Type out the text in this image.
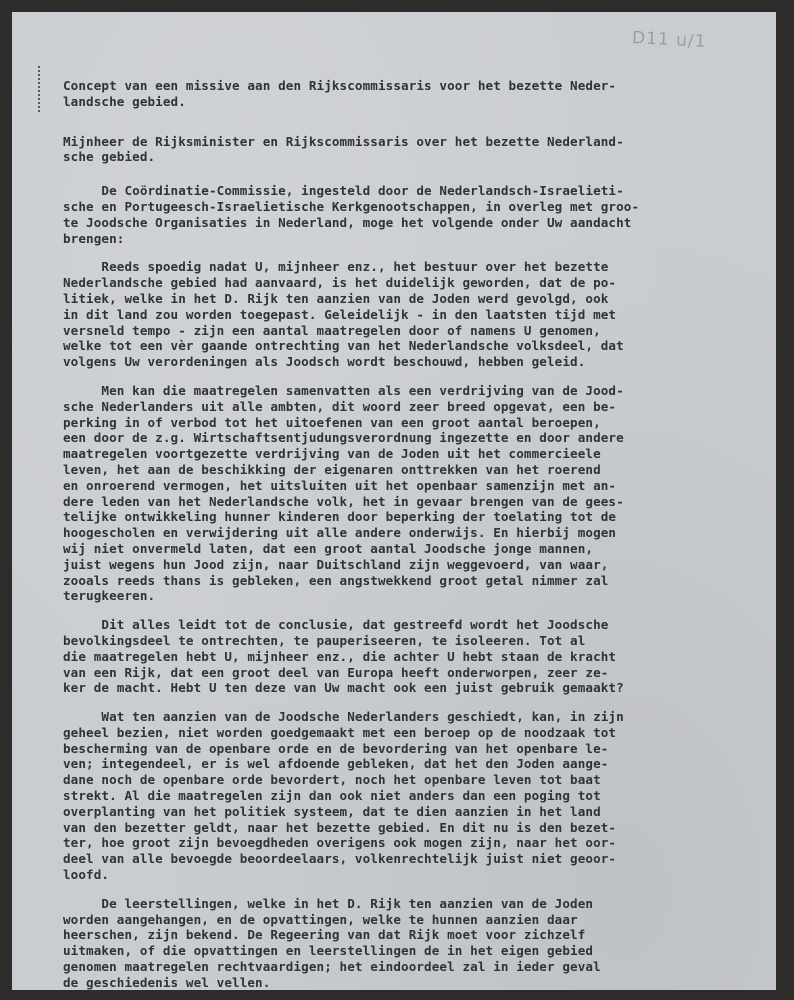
D11 u/1
Concept van een missive aan den Rijkscommissaris voor het bezette Neder-
landsche gebied.
Mijnheer de Rijksminister en Rijkscommissaris over het bezette Nederland-
sche gebied.
De Coördinatie-Commissie, ingesteld door de Nederlandsch-Israelieti-
sche en Portugeesch-Israelietische Kerkgenootschappen, in overleg met groo-
te Joodsche Organisaties in Nederland, moge het volgende onder Uw aandacht
brengen:
Reeds spoedig nadat U, mijnheer enz., het bestuur over het bezette
Nederlandsche gebied had aanvaard, is het duidelijk geworden, dat de po-
litiek, welke in het D. Rijk ten aanzien van de Joden werd gevolgd, ook
in dit land zou worden toegepast. Geleidelijk - in den laatsten tijd met
versneld tempo - zijn een aantal maatregelen door of namens U genomen,
welke tot een vèr gaande ontrechting van het Nederlandsche volksdeel, dat
volgens Uw verordeningen als Joodsch wordt beschouwd, hebben geleid.
Men kan die maatregelen samenvatten als een verdrijving van de Jood-
sche Nederlanders uit alle ambten, dit woord zeer breed opgevat, een be-
perking in of verbod tot het uitoefenen van een groot aantal beroepen,
een door de z.g. Wirtschaftsentjudungsverordnung ingezette en door andere
maatregelen voortgezette verdrijving van de Joden uit het commercieele
leven, het aan de beschikking der eigenaren onttrekken van het roerend
en onroerend vermogen, het uitsluiten uit het openbaar samenzijn met an-
dere leden van het Nederlandsche volk, het in gevaar brengen van de gees-
telijke ontwikkeling hunner kinderen door beperking der toelating tot de
hoogescholen en verwijdering uit alle andere onderwijs. En hierbij mogen
wij niet onvermeld laten, dat een groot aantal Joodsche jonge mannen,
juist wegens hun Jood zijn, naar Duitschland zijn weggevoerd, van waar,
zooals reeds thans is gebleken, een angstwekkend groot getal nimmer zal
terugkeeren.
Dit alles leidt tot de conclusie, dat gestreefd wordt het Joodsche
bevolkingsdeel te ontrechten, te pauperiseeren, te isoleeren. Tot al
die maatregelen hebt U, mijnheer enz., die achter U hebt staan de kracht
van een Rijk, dat een groot deel van Europa heeft onderworpen, zeer ze-
ker de macht. Hebt U ten deze van Uw macht ook een juist gebruik gemaakt?
Wat ten aanzien van de Joodsche Nederlanders geschiedt, kan, in zijn
geheel bezien, niet worden goedgemaakt met een beroep op de noodzaak tot
bescherming van de openbare orde en de bevordering van het openbare le-
ven; integendeel, er is wel afdoende gebleken, dat het den Joden aange-
dane noch de openbare orde bevordert, noch het openbare leven tot baat
strekt. Al die maatregelen zijn dan ook niet anders dan een poging tot
overplanting van het politiek systeem, dat te dien aanzien in het land
van den bezetter geldt, naar het bezette gebied. En dit nu is den bezet-
ter, hoe groot zijn bevoegdheden overigens ook mogen zijn, naar het oor-
deel van alle bevoegde beoordeelaars, volkenrechtelijk juist niet geoor-
loofd.
De leerstellingen, welke in het D. Rijk ten aanzien van de Joden
worden aangehangen, en de opvattingen, welke te hunnen aanzien daar
heerschen, zijn bekend. De Regeering van dat Rijk moet voor zichzelf
uitmaken, of die opvattingen en leerstellingen de in het eigen gebied
genomen maatregelen rechtvaardigen; het eindoordeel zal in ieder geval
de geschiedenis wel vellen.
